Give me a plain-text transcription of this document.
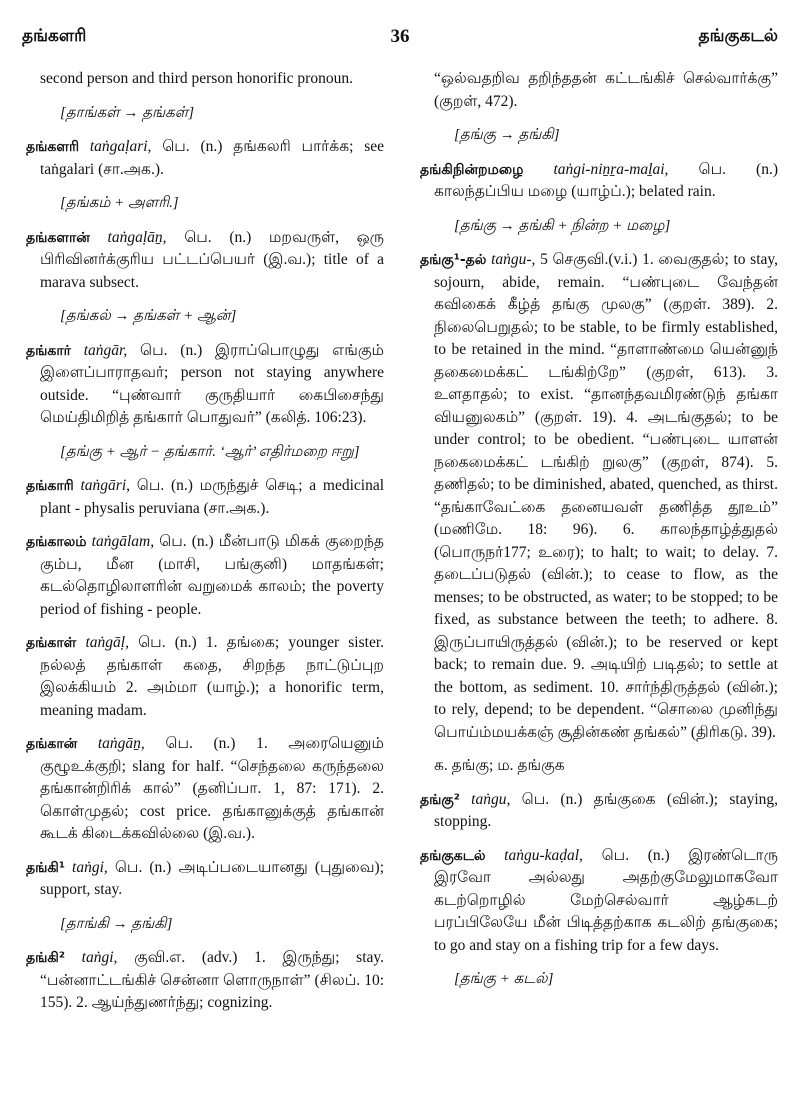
தங்களரி	36	தங்குகடல்

second person and third person honorific pronoun.

[தாங்கள் → தங்கள்]

தங்களரி taṅgaḷari, பெ. (n.) தங்கலரி பார்க்க; see taṅgalari (சா.அக.).

[தங்கம் + அளரி.]

தங்களான் taṅgaḷāṉ, பெ. (n.) மறவருள், ஒரு பிரிவினர்க்குரிய பட்டப்பெயர் (இ.வ.); title of a marava subsect.

[தங்கல் → தங்கள் + ஆன்]

தங்கார் taṅgār, பெ. (n.) இராப்பொழுது எங்கும் இளைப்பாராதவர்; person not staying anywhere outside. “புண்வார் குருதியார் கைபிசைந்து மெய்திமிறித் தங்கார் பொதுவர்” (கலித். 106:23).

[தங்கு + ஆர் − தங்கார். ‘ஆர்’ எதிர்மறை ஈறு]

தங்காரி taṅgāri, பெ. (n.) மருந்துச் செடி; a medicinal plant - physalis peruviana (சா.அக.).

தங்காலம் taṅgālam, பெ. (n.) மீன்பாடு மிகக் குறைந்த கும்ப, மீன (மாசி, பங்குனி) மாதங்கள்; கடல்தொழிலாளரின் வறுமைக் காலம்; the poverty period of fishing - people.

தங்காள் taṅgāḷ, பெ. (n.) 1. தங்கை; younger sister. நல்லத் தங்காள் கதை, சிறந்த நாட்டுப்புற இலக்கியம் 2. அம்மா (யாழ்.); a honorific term, meaning madam.

தங்கான் taṅgāṉ, பெ. (n.) 1. அரையெனும் குழூஉக்குறி; slang for half. “செந்தலை கருந்தலை தங்கான்றிரிக் கால்” (தனிப்பா. 1, 87: 171). 2. கொள்முதல்; cost price. தங்கானுக்குத் தங்கான் கூடக் கிடைக்கவில்லை (இ.வ.).

தங்கி¹ taṅgi, பெ. (n.) அடிப்படையானது (புதுவை); support, stay.

[தாங்கி → தங்கி]

தங்கி² taṅgi, குவி.எ. (adv.) 1. இருந்து; stay. “பன்னாட்டங்கிச் சென்னா ளொருநாள்” (சிலப். 10: 155). 2. ஆய்ந்துணர்ந்து; cognizing.

“ஒல்வதறிவ தறிந்ததன் கட்டங்கிச் செல்வார்க்கு” (குறள், 472).

[தங்கு → தங்கி]

தங்கிநின்றமழை taṅgi-niṉṟa-maḻai, பெ. (n.) காலந்தப்பிய மழை (யாழ்ப்.); belated rain.

[தங்கு → தங்கி + நின்ற + மழை]

தங்கு¹-தல் taṅgu-, 5 செகுவி.(v.i.) 1. வைகுதல்; to stay, sojourn, abide, remain. “பண்புடை வேந்தன் கவிகைக் கீழ்த் தங்கு முலகு” (குறள். 389). 2. நிலைபெறுதல்; to be stable, to be firmly established, to be retained in the mind. “தாளாண்மை யென்னுந் தகைமைக்கட் டங்கிற்றே” (குறள், 613). 3. உளதாதல்; to exist. “தானந்தவமிரண்டுந் தங்கா வியனுலகம்” (குறள். 19). 4. அடங்குதல்; to be under control; to be obedient. “பண்புடை யாளன் நகைமைக்கட் டங்கிற் றுலகு” (குறள், 874). 5. தணிதல்; to be diminished, abated, quenched, as thirst. “தங்காவேட்கை தனையவள் தணித்த தூஉம்” (மணிமே. 18: 96). 6. காலந்தாழ்த்துதல் (பொருநர்177; உரை); to halt; to wait; to delay. 7. தடைப்படுதல் (வின்.); to cease to flow, as the menses; to be obstructed, as water; to be stopped; to be fixed, as substance between the teeth; to adhere. 8. இருப்பாயிருத்தல் (வின்.); to be reserved or kept back; to remain due. 9. அடியிற் படிதல்; to settle at the bottom, as sediment. 10. சார்ந்திருத்தல் (வின்.); to rely, depend; to be dependent. “சொலை முனிந்து பொய்ம்மயக்கஞ் சூதின்கண் தங்கல்” (திரிகடு. 39).

க. தங்கு; ம. தங்குக

தங்கு² taṅgu, பெ. (n.) தங்குகை (வின்.); staying, stopping.

தங்குகடல் taṅgu-kaḍal, பெ. (n.) இரண்டொரு இரவோ அல்லது அதற்குமேலுமாகவோ கடற்றொழில் மேற்செல்வார் ஆழ்கடற் பரப்பிலேயே மீன் பிடித்தற்காக கடலிற் தங்குகை; to go and stay on a fishing trip for a few days.

[தங்கு + கடல்]
